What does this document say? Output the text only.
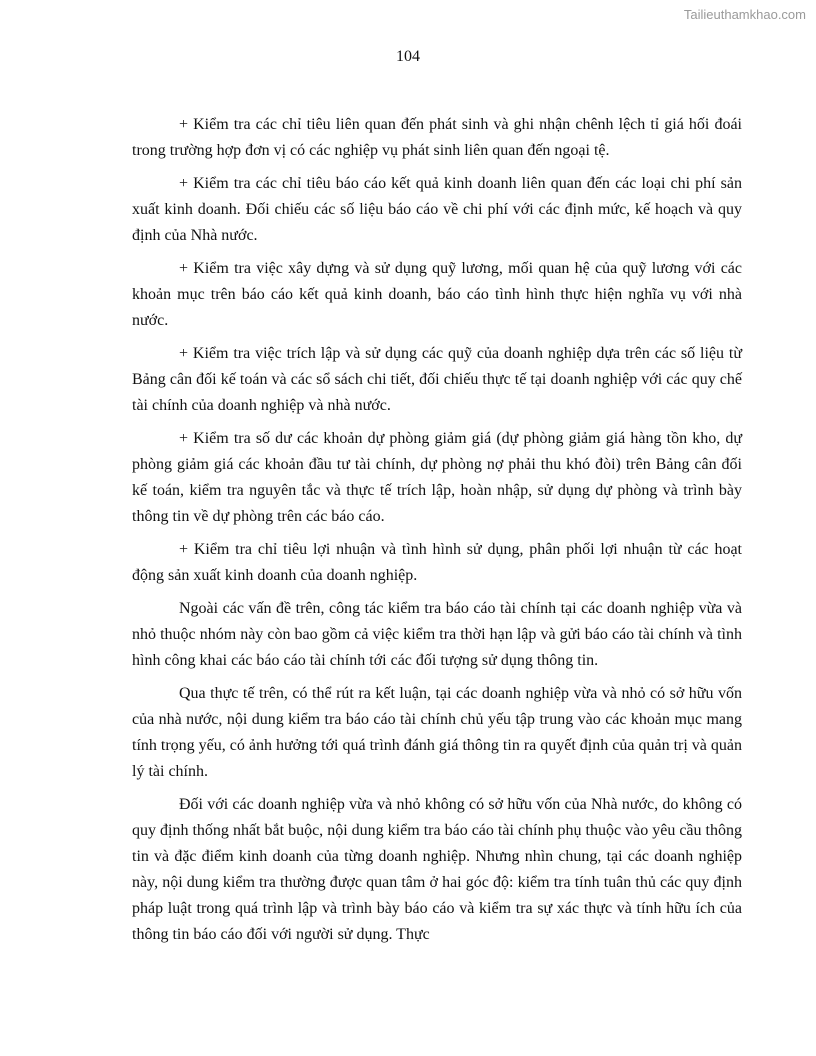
Tailieuthamkhao.com
104

+ Kiểm tra các chỉ tiêu liên quan đến phát sinh và ghi nhận chênh lệch tỉ giá hối đoái trong trường hợp đơn vị có các nghiệp vụ phát sinh liên quan đến ngoại tệ.

+ Kiểm tra các chỉ tiêu báo cáo kết quả kinh doanh liên quan đến các loại chi phí sản xuất kinh doanh. Đối chiếu các số liệu báo cáo về chi phí với các định mức, kế hoạch và quy định của Nhà nước.

+ Kiểm tra việc xây dựng và sử dụng quỹ lương, mối quan hệ của quỹ lương với các khoản mục trên báo cáo kết quả kinh doanh, báo cáo tình hình thực hiện nghĩa vụ với nhà nước.

+ Kiểm tra việc trích lập và sử dụng các quỹ của doanh nghiệp dựa trên các số liệu từ Bảng cân đối kế toán và các sổ sách chi tiết, đối chiếu thực tế tại doanh nghiệp với các quy chế tài chính của doanh nghiệp và nhà nước.

+ Kiểm tra số dư các khoản dự phòng giảm giá (dự phòng giảm giá hàng tồn kho, dự phòng giảm giá các khoản đầu tư tài chính, dự phòng nợ phải thu khó đòi) trên Bảng cân đối kế toán, kiểm tra nguyên tắc và thực tế trích lập, hoàn nhập, sử dụng dự phòng và trình bày thông tin về dự phòng trên các báo cáo.

+ Kiểm tra chỉ tiêu lợi nhuận và tình hình sử dụng, phân phối lợi nhuận từ các hoạt động sản xuất kinh doanh của doanh nghiệp.

Ngoài các vấn đề trên, công tác kiểm tra báo cáo tài chính tại các doanh nghiệp vừa và nhỏ thuộc nhóm này còn bao gồm cả việc kiểm tra thời hạn lập và gửi báo cáo tài chính và tình hình công khai các báo cáo tài chính tới các đối tượng sử dụng thông tin.

Qua thực tế trên, có thể rút ra kết luận, tại các doanh nghiệp vừa và nhỏ có sở hữu vốn của nhà nước, nội dung kiểm tra báo cáo tài chính chủ yếu tập trung vào các khoản mục mang tính trọng yếu, có ảnh hưởng tới quá trình đánh giá thông tin ra quyết định của quản trị và quản lý tài chính.

Đối với các doanh nghiệp vừa và nhỏ không có sở hữu vốn của Nhà nước, do không có quy định thống nhất bắt buộc, nội dung kiểm tra báo cáo tài chính phụ thuộc vào yêu cầu thông tin và đặc điểm kinh doanh của từng doanh nghiệp. Nhưng nhìn chung, tại các doanh nghiệp này, nội dung kiểm tra thường được quan tâm ở hai góc độ: kiểm tra tính tuân thủ các quy định pháp luật trong quá trình lập và trình bày báo cáo và kiểm tra sự xác thực và tính hữu ích của thông tin báo cáo đối với người sử dụng. Thực
